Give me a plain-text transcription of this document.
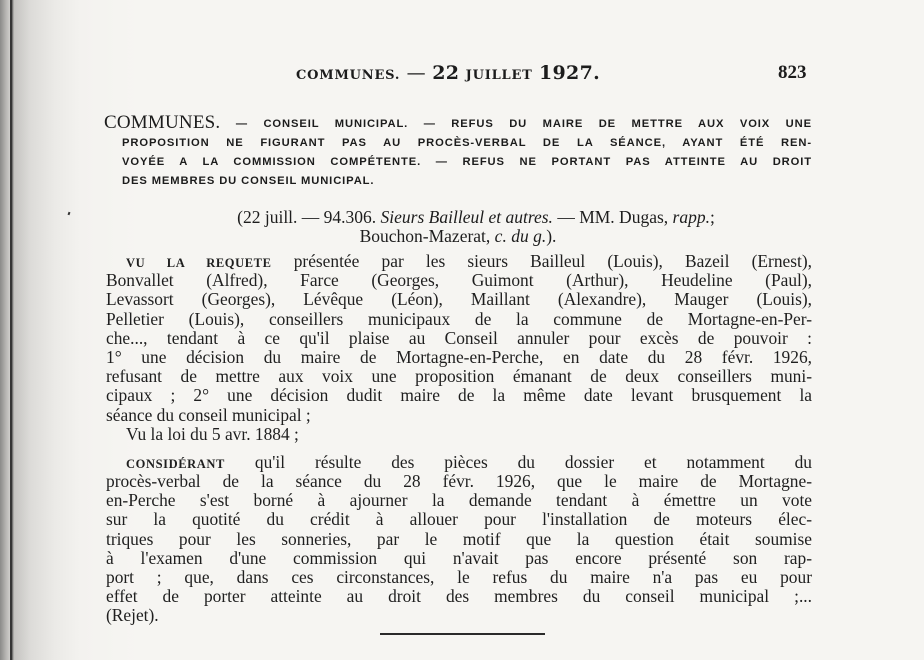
COMMUNES. — 22 JUILLET 1927.	823
COMMUNES. — CONSEIL MUNICIPAL. — REFUS DU MAIRE DE METTRE AUX VOIX UNE
PROPOSITION NE FIGURANT PAS AU PROCÈS-VERBAL DE LA SÉANCE, AYANT ÉTÉ REN-
VOYÉE A LA COMMISSION COMPÉTENTE. — REFUS NE PORTANT PAS ATTEINTE AU DROIT
DES MEMBRES DU CONSEIL MUNICIPAL.
(22 juill. — 94.306. Sieurs Bailleul et autres. — MM. Dugas, rapp.;
Bouchon-Mazerat, c. du g.).
VU LA REQUETE présentée par les sieurs Bailleul (Louis), Bazeil (Ernest),
Bonvallet (Alfred), Farce (Georges, Guimont (Arthur), Heudeline (Paul),
Levassort (Georges), Lévêque (Léon), Maillant (Alexandre), Mauger (Louis),
Pelletier (Louis), conseillers municipaux de la commune de Mortagne-en-Per-
che..., tendant à ce qu'il plaise au Conseil annuler pour excès de pouvoir :
1° une décision du maire de Mortagne-en-Perche, en date du 28 févr. 1926,
refusant de mettre aux voix une proposition émanant de deux conseillers muni-
cipaux ; 2° une décision dudit maire de la même date levant brusquement la
séance du conseil municipal ;
Vu la loi du 5 avr. 1884 ;
CONSIDÉRANT qu'il résulte des pièces du dossier et notamment du
procès-verbal de la séance du 28 févr. 1926, que le maire de Mortagne-
en-Perche s'est borné à ajourner la demande tendant à émettre un vote
sur la quotité du crédit à allouer pour l'installation de moteurs élec-
triques pour les sonneries, par le motif que la question était soumise
à l'examen d'une commission qui n'avait pas encore présenté son rap-
port ; que, dans ces circonstances, le refus du maire n'a pas eu pour
effet de porter atteinte au droit des membres du conseil municipal ;...
(Rejet).
